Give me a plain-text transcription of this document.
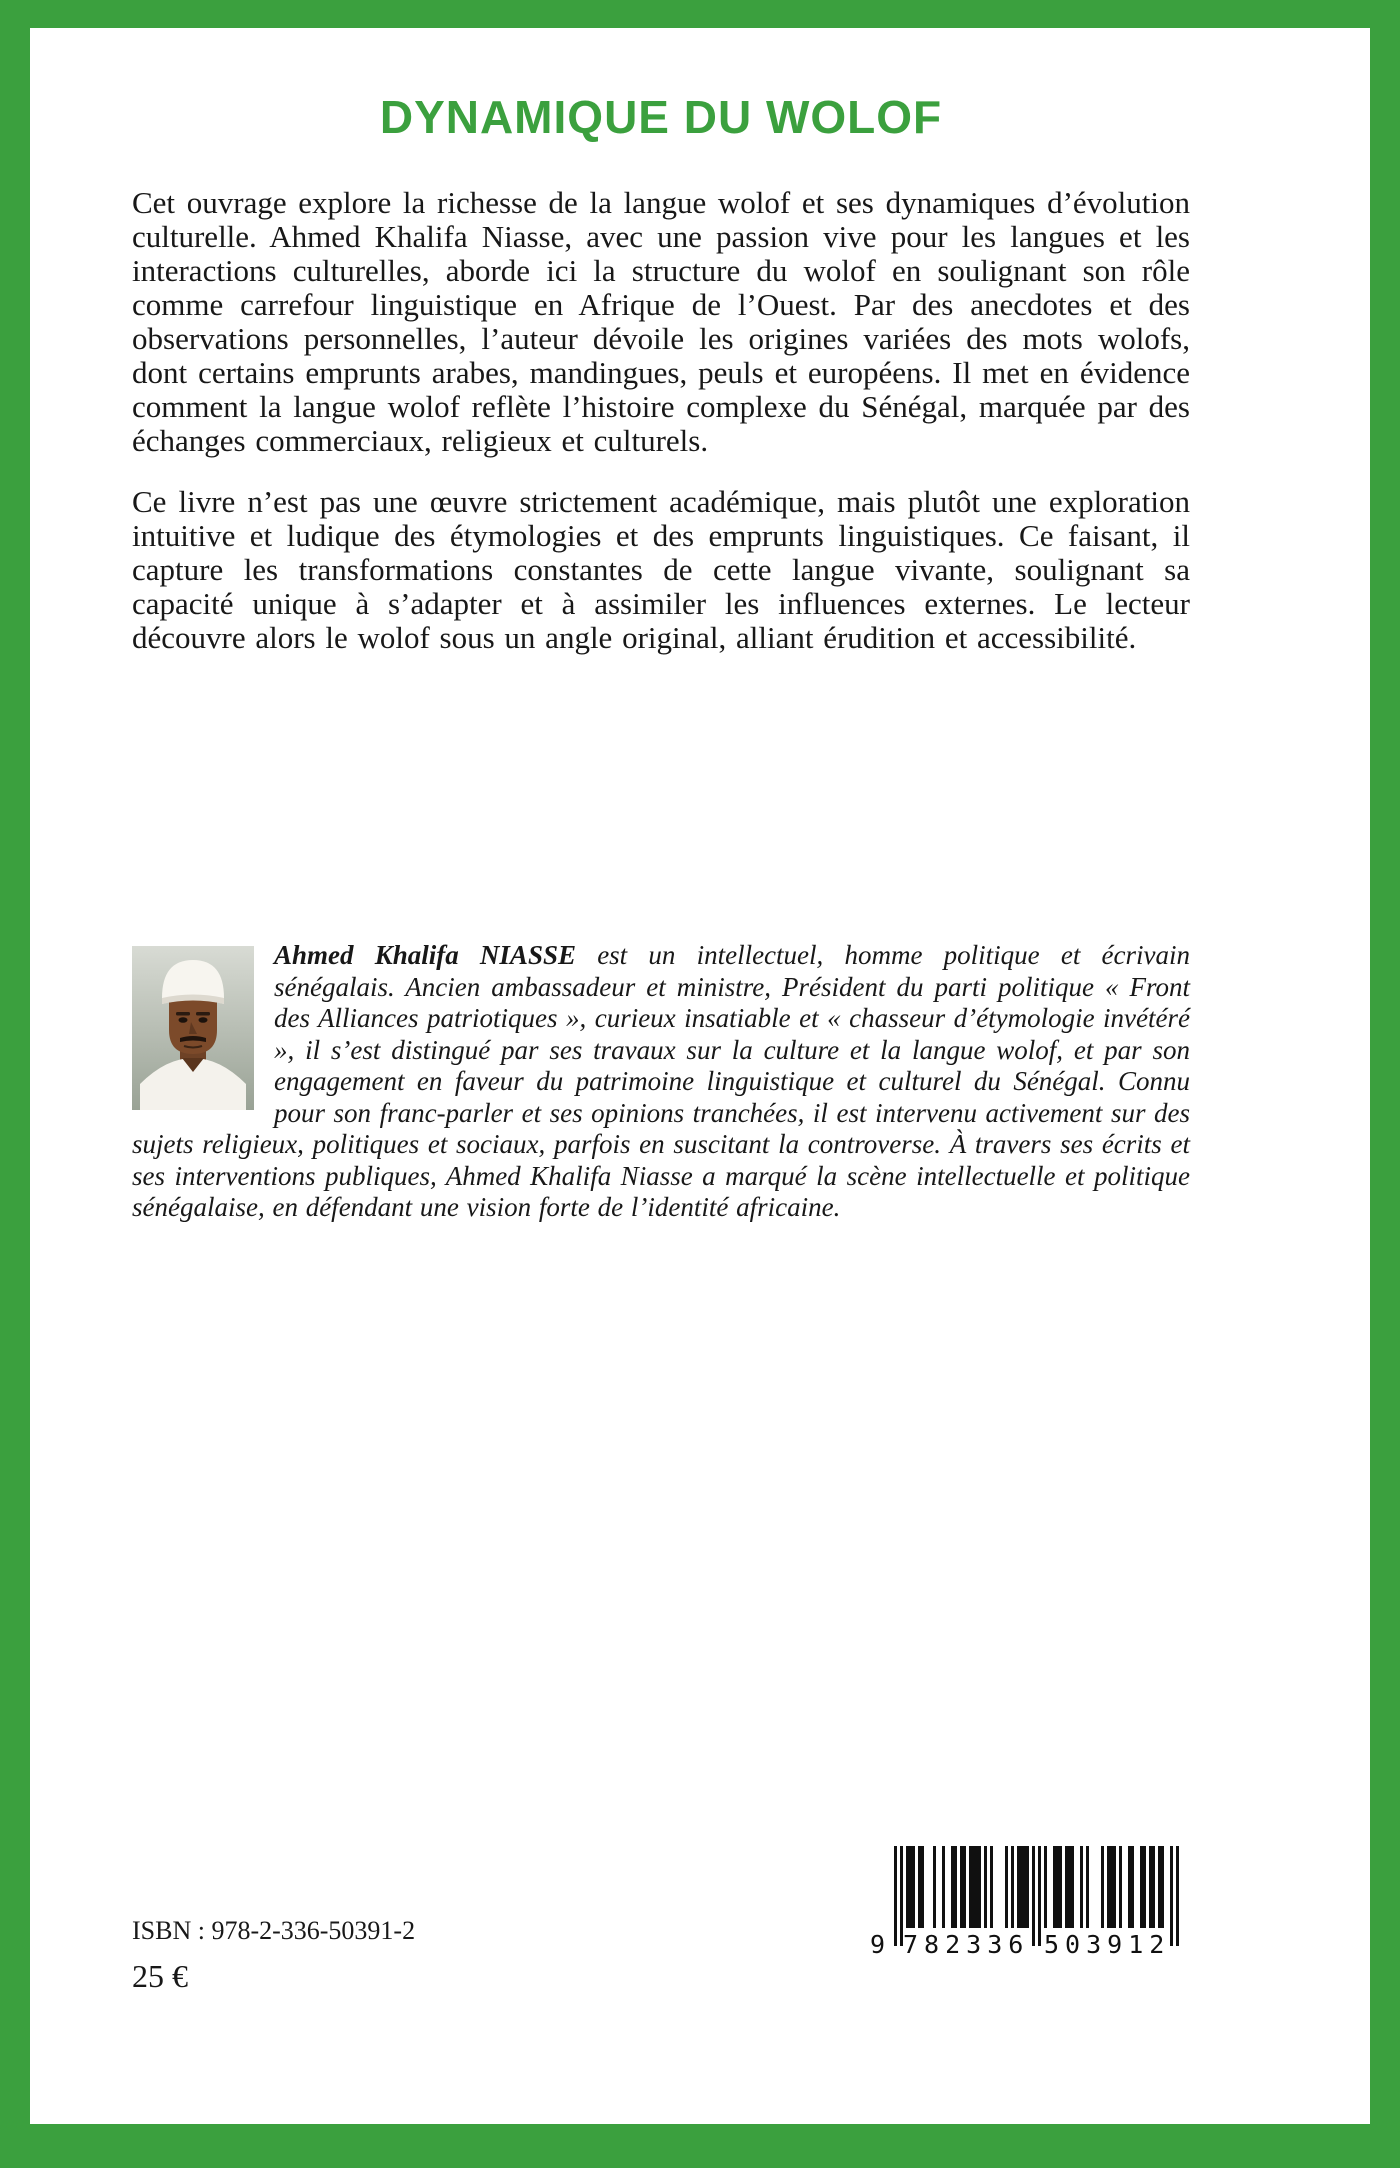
DYNAMIQUE DU WOLOF

Cet ouvrage explore la richesse de la langue wolof et ses dynamiques d’évolution culturelle. Ahmed Khalifa Niasse, avec une passion vive pour les langues et les interactions culturelles, aborde ici la structure du wolof en soulignant son rôle comme carrefour linguistique en Afrique de l’Ouest. Par des anecdotes et des observations personnelles, l’auteur dévoile les origines variées des mots wolofs, dont certains emprunts arabes, mandingues, peuls et européens. Il met en évidence comment la langue wolof reflète l’histoire complexe du Sénégal, marquée par des échanges commerciaux, religieux et culturels.

Ce livre n’est pas une œuvre strictement académique, mais plutôt une exploration intuitive et ludique des étymologies et des emprunts linguistiques. Ce faisant, il capture les transformations constantes de cette langue vivante, soulignant sa capacité unique à s’adapter et à assimiler les influences externes. Le lecteur découvre alors le wolof sous un angle original, alliant érudition et accessibilité.

Ahmed Khalifa NIASSE est un intellectuel, homme politique et écrivain sénégalais. Ancien ambassadeur et ministre, Président du parti politique « Front des Alliances patriotiques », curieux insatiable et « chasseur d’étymologie invétéré », il s’est distingué par ses travaux sur la culture et la langue wolof, et par son engagement en faveur du patrimoine linguistique et culturel du Sénégal. Connu pour son franc-parler et ses opinions tranchées, il est intervenu activement sur des sujets religieux, politiques et sociaux, parfois en suscitant la controverse. À travers ses écrits et ses interventions publiques, Ahmed Khalifa Niasse a marqué la scène intellectuelle et politique sénégalaise, en défendant une vision forte de l’identité africaine.

ISBN : 978-2-336-50391-2
25 €
9 782336 503912
